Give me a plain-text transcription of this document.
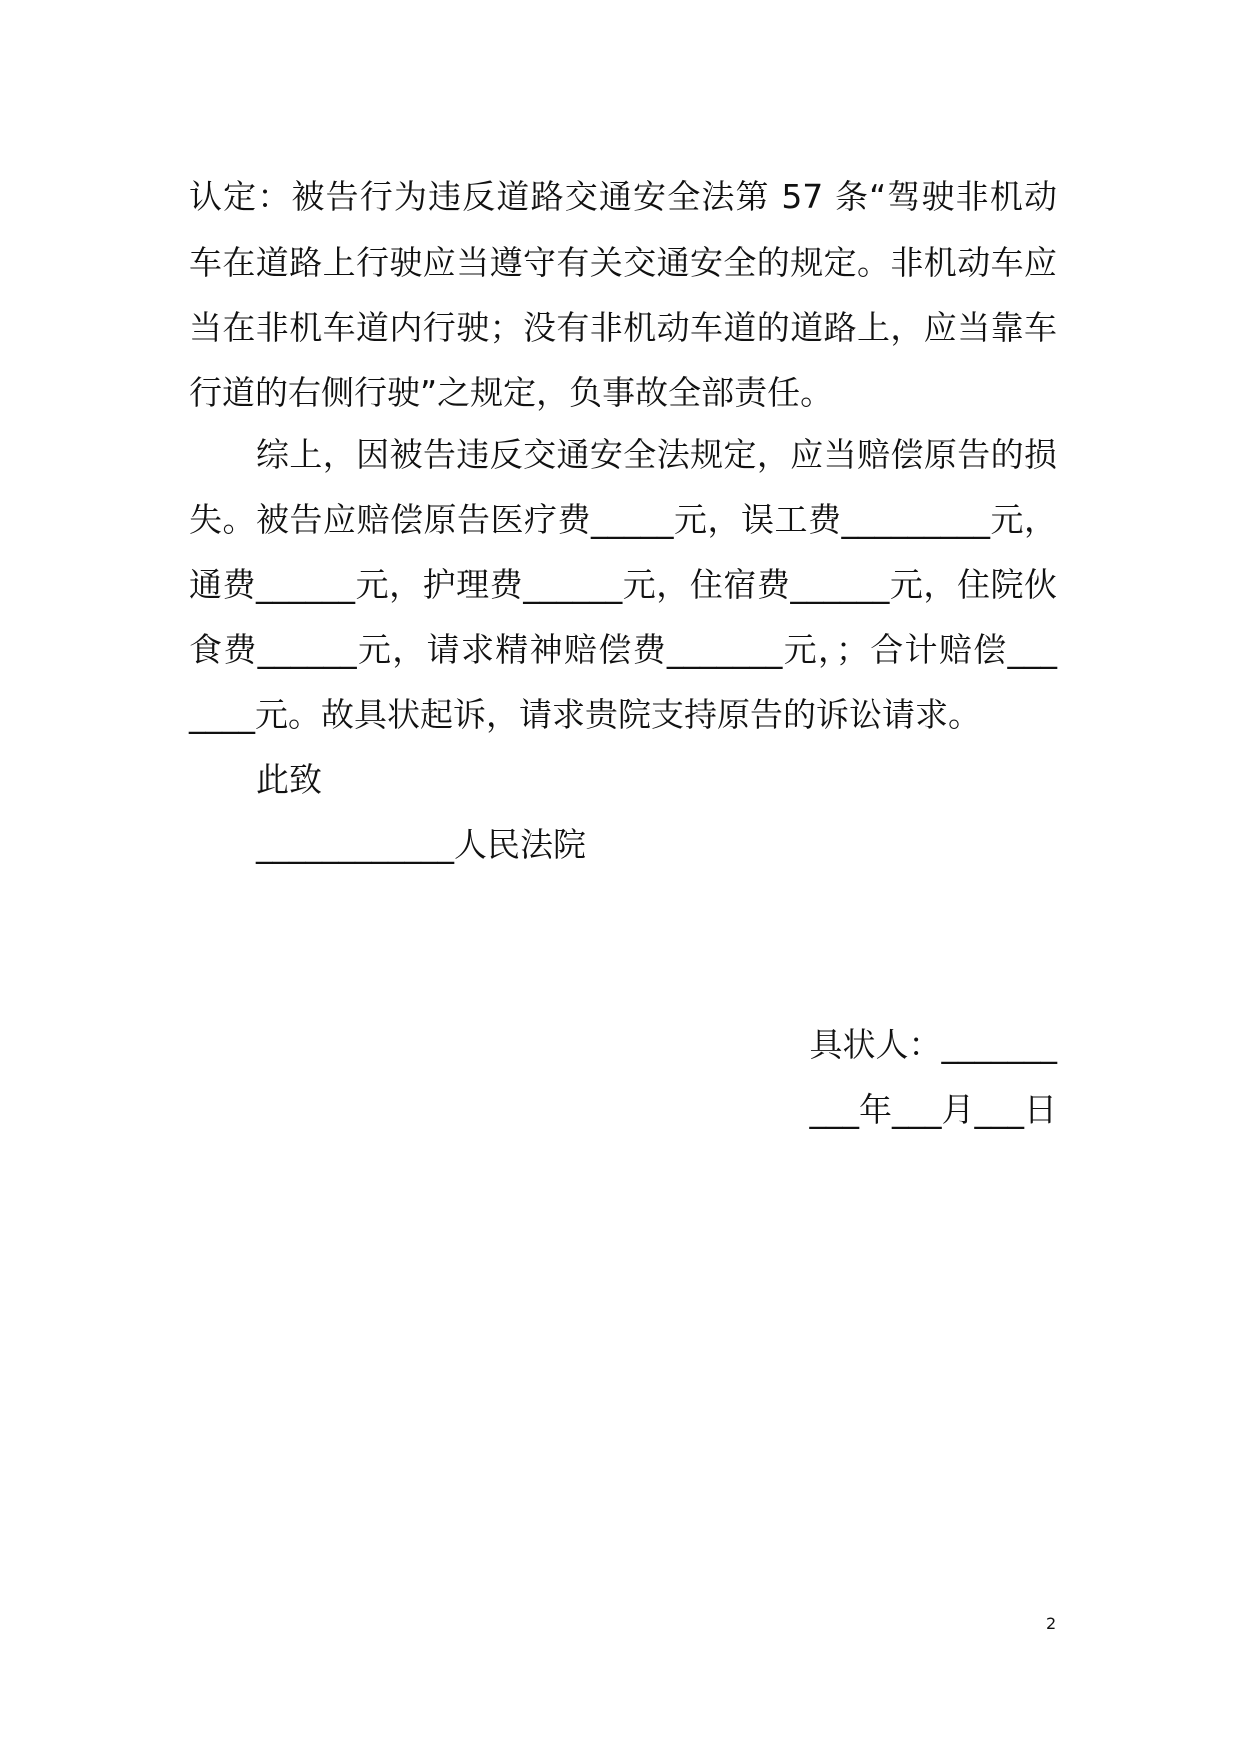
认定：被告行为违反道路交通安全法第 57 条“驾驶非机动
车在道路上行驶应当遵守有关交通安全的规定。非机动车应
当在非机车道内行驶；没有非机动车道的道路上，应当靠车
行道的右侧行驶”之规定，负事故全部责任。
综上，因被告违反交通安全法规定，应当赔偿原告的损
失。被告应赔偿原告医疗费_____元，误工费_________元，
通费______元，护理费______元，住宿费______元，住院伙
食费______元，请求精神赔偿费_______元，；合计赔偿___
____元。故具状起诉，请求贵院支持原告的诉讼请求。
此致
____________人民法院
具状人：_______
___年___月___日
2
